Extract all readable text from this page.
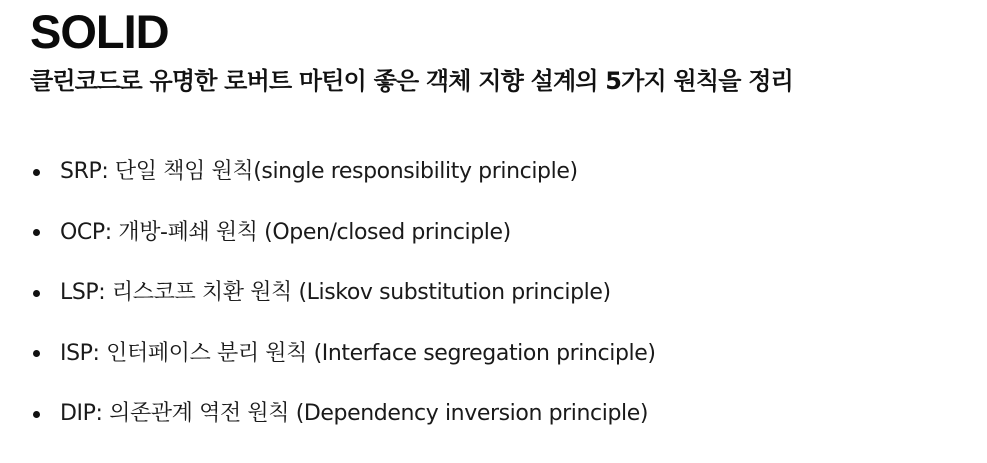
SOLID

클린코드로 유명한 로버트 마틴이 좋은 객체 지향 설계의 5가지 원칙을 정리

SRP: 단일 책임 원칙(single responsibility principle)
OCP: 개방-폐쇄 원칙 (Open/closed principle)
LSP: 리스코프 치환 원칙 (Liskov substitution principle)
ISP: 인터페이스 분리 원칙 (Interface segregation principle)
DIP: 의존관계 역전 원칙 (Dependency inversion principle)
